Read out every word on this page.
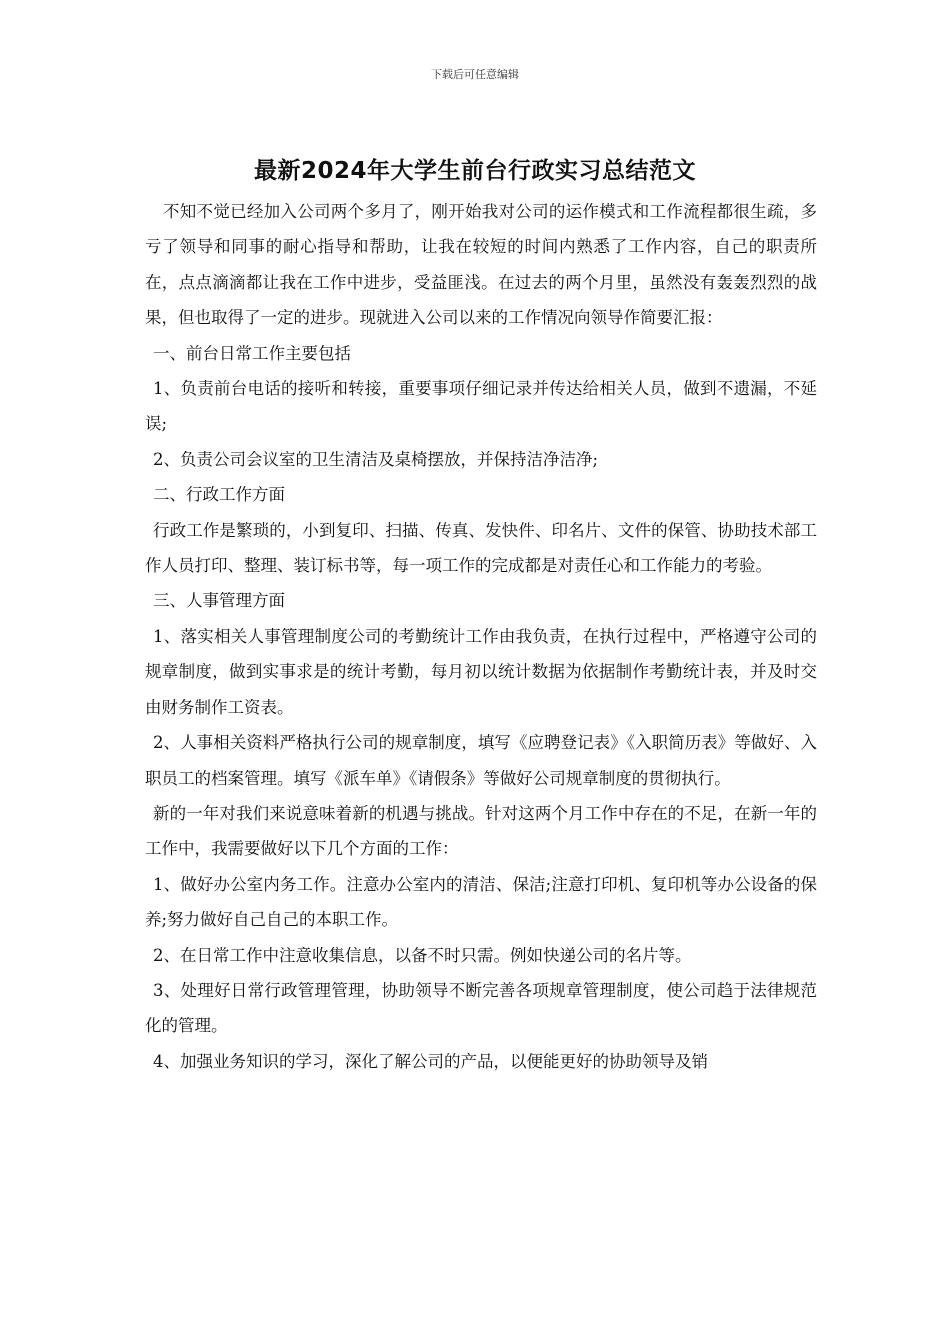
下载后可任意编辑
最新2024年大学生前台行政实习总结范文

不知不觉已经加入公司两个多月了，刚开始我对公司的运作模式和工作流程都很生疏，多亏了领导和同事的耐心指导和帮助，让我在较短的时间内熟悉了工作内容，自己的职责所在，点点滴滴都让我在工作中进步，受益匪浅。在过去的两个月里，虽然没有轰轰烈烈的战果，但也取得了一定的进步。现就进入公司以来的工作情况向领导作简要汇报：

一、前台日常工作主要包括

1、负责前台电话的接听和转接，重要事项仔细记录并传达给相关人员，做到不遗漏，不延误;

2、负责公司会议室的卫生清洁及桌椅摆放，并保持洁净洁净;

二、行政工作方面

行政工作是繁琐的，小到复印、扫描、传真、发快件、印名片、文件的保管、协助技术部工作人员打印、整理、装订标书等，每一项工作的完成都是对责任心和工作能力的考验。

三、人事管理方面

1、落实相关人事管理制度公司的考勤统计工作由我负责，在执行过程中，严格遵守公司的规章制度，做到实事求是的统计考勤，每月初以统计数据为依据制作考勤统计表，并及时交由财务制作工资表。

2、人事相关资料严格执行公司的规章制度，填写《应聘登记表》《入职简历表》等做好、入职员工的档案管理。填写《派车单》《请假条》等做好公司规章制度的贯彻执行。

新的一年对我们来说意味着新的机遇与挑战。针对这两个月工作中存在的不足，在新一年的工作中，我需要做好以下几个方面的工作：

1、做好办公室内务工作。注意办公室内的清洁、保洁;注意打印机、复印机等办公设备的保养;努力做好自己自己的本职工作。

2、在日常工作中注意收集信息，以备不时只需。例如快递公司的名片等。

3、处理好日常行政管理管理，协助领导不断完善各项规章管理制度，使公司趋于法律规范化的管理。

4、加强业务知识的学习，深化了解公司的产品，以便能更好的协助领导及销
